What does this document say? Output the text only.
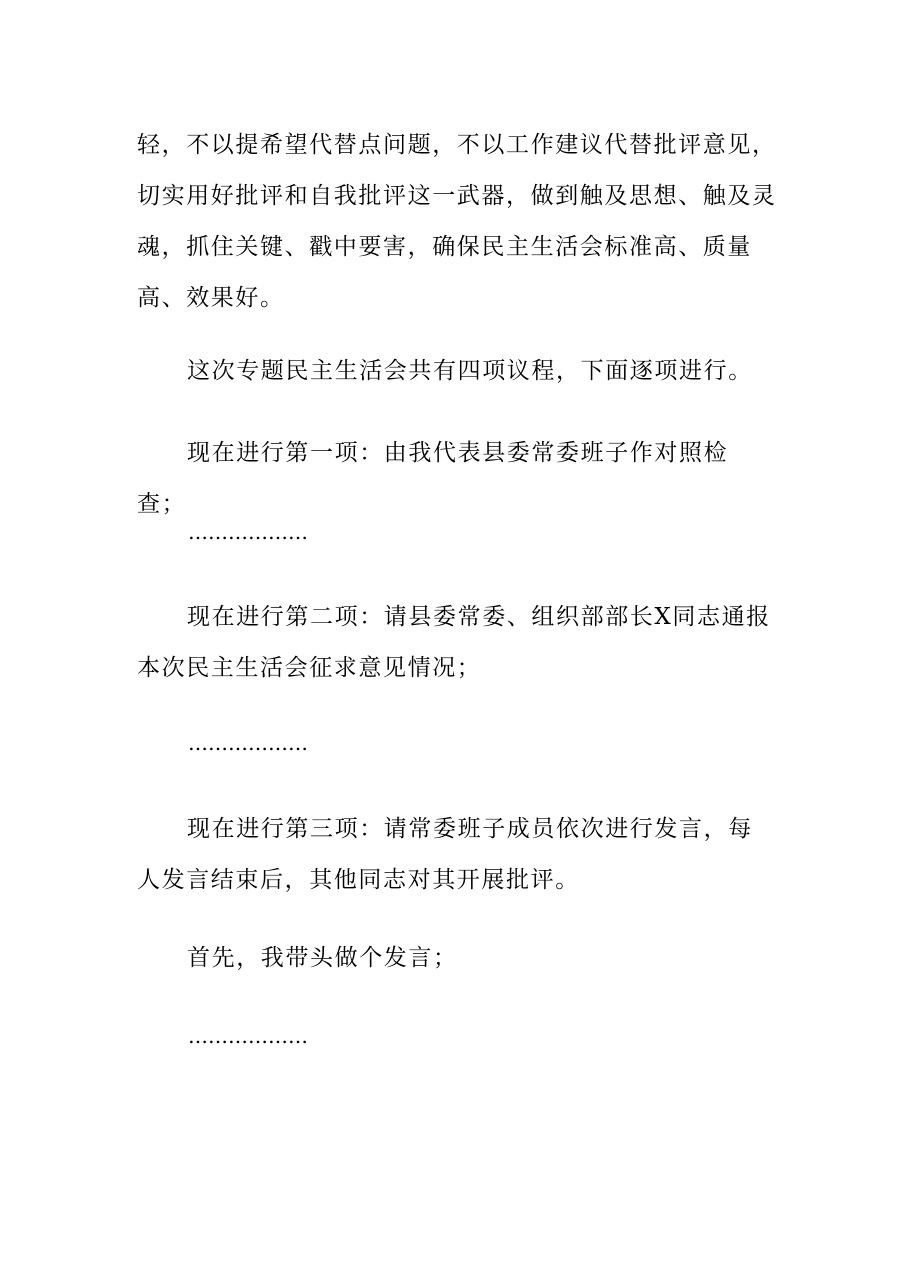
轻，不以提希望代替点问题，不以工作建议代替批评意见，切实用好批评和自我批评这一武器，做到触及思想、触及灵魂，抓住关键、戳中要害，确保民主生活会标准高、质量高、效果好。

这次专题民主生活会共有四项议程，下面逐项进行。

现在进行第一项：由我代表县委常委班子作对照检查；

………………

现在进行第二项：请县委常委、组织部部长X同志通报本次民主生活会征求意见情况；

………………

现在进行第三项：请常委班子成员依次进行发言，每人发言结束后，其他同志对其开展批评。

首先，我带头做个发言；

………………
